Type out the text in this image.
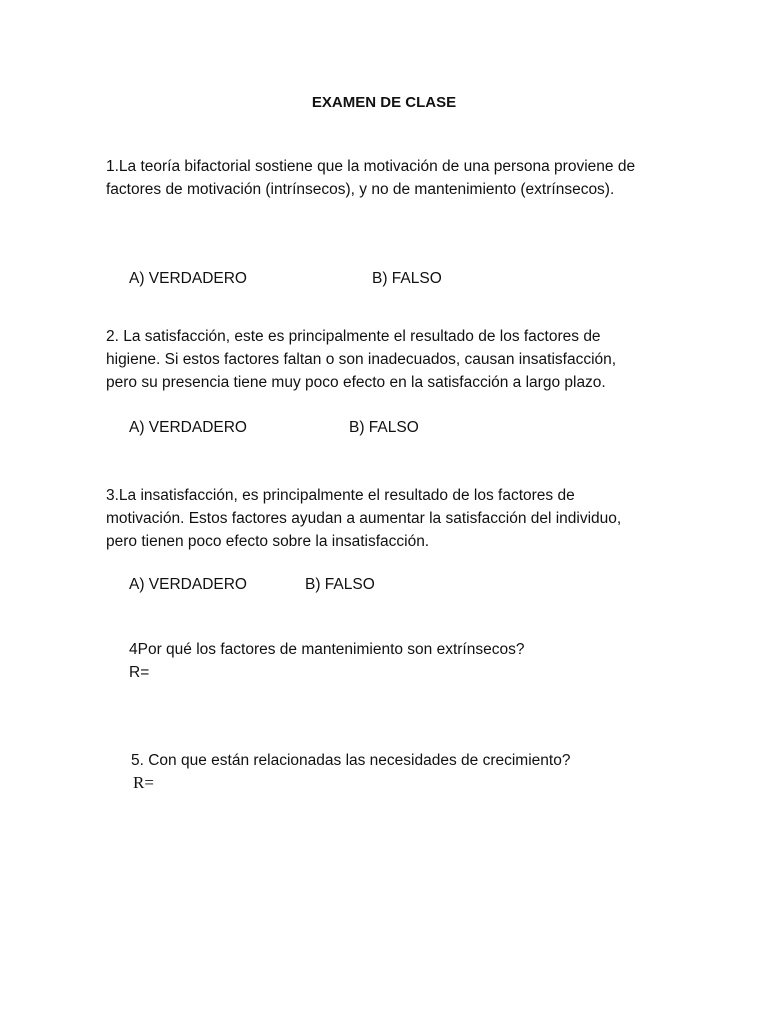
EXAMEN DE CLASE
1.La teoría bifactorial sostiene que la motivación de una persona proviene de
factores de motivación (intrínsecos), y no de mantenimiento (extrínsecos).
A) VERDADERO	B) FALSO
2. La satisfacción, este es principalmente el resultado de los factores de
higiene. Si estos factores faltan o son inadecuados, causan insatisfacción,
pero su presencia tiene muy poco efecto en la satisfacción a largo plazo.
A) VERDADERO	B) FALSO
3.La insatisfacción, es principalmente el resultado de los factores de
motivación. Estos factores ayudan a aumentar la satisfacción del individuo,
pero tienen poco efecto sobre la insatisfacción.
A) VERDADERO	B) FALSO
4Por qué los factores de mantenimiento son extrínsecos?
R=
5. Con que están relacionadas las necesidades de crecimiento?
R=
